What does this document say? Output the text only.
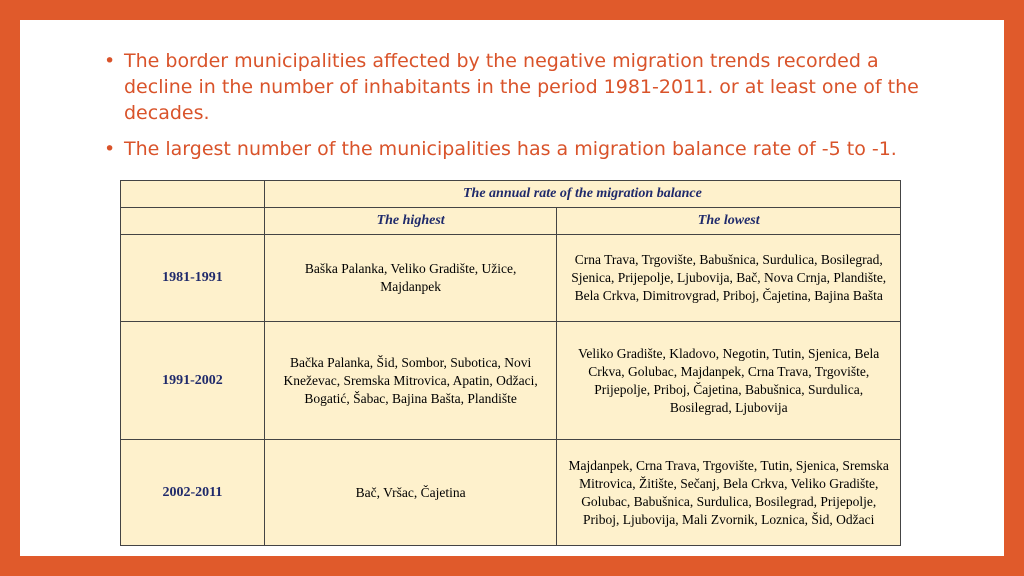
• The border municipalities affected by the negative migration trends recorded a decline in the number of inhabitants in the period 1981-2011. or at least one of the decades.
• The largest number of the municipalities has a migration balance rate of -5 to -1.
	The annual rate of the migration balance	
	The highest	The lowest
1981-1991	Baška Palanka, Veliko Gradište, Užice, Majdanpek	Crna Trava, Trgovište, Babušnica, Surdulica, Bosilegrad, Sjenica, Prijepolje, Ljubovija, Bač, Nova Crnja, Plandište, Bela Crkva, Dimitrovgrad, Priboj, Čajetina, Bajina Bašta
1991-2002	Bačka Palanka, Šid, Sombor, Subotica, Novi Kneževac, Sremska Mitrovica, Apatin, Odžaci, Bogatić, Šabac, Bajina Bašta, Plandište	Veliko Gradište, Kladovo, Negotin, Tutin, Sjenica, Bela Crkva, Golubac, Majdanpek, Crna Trava, Trgovište, Prijepolje, Priboj, Čajetina, Babušnica, Surdulica, Bosilegrad, Ljubovija
2002-2011	Bač, Vršac, Čajetina	Majdanpek, Crna Trava, Trgovište, Tutin, Sjenica, Sremska Mitrovica, Žitište, Sečanj, Bela Crkva, Veliko Gradište, Golubac, Babušnica, Surdulica, Bosilegrad, Prijepolje, Priboj, Ljubovija, Mali Zvornik, Loznica, Šid, Odžaci
